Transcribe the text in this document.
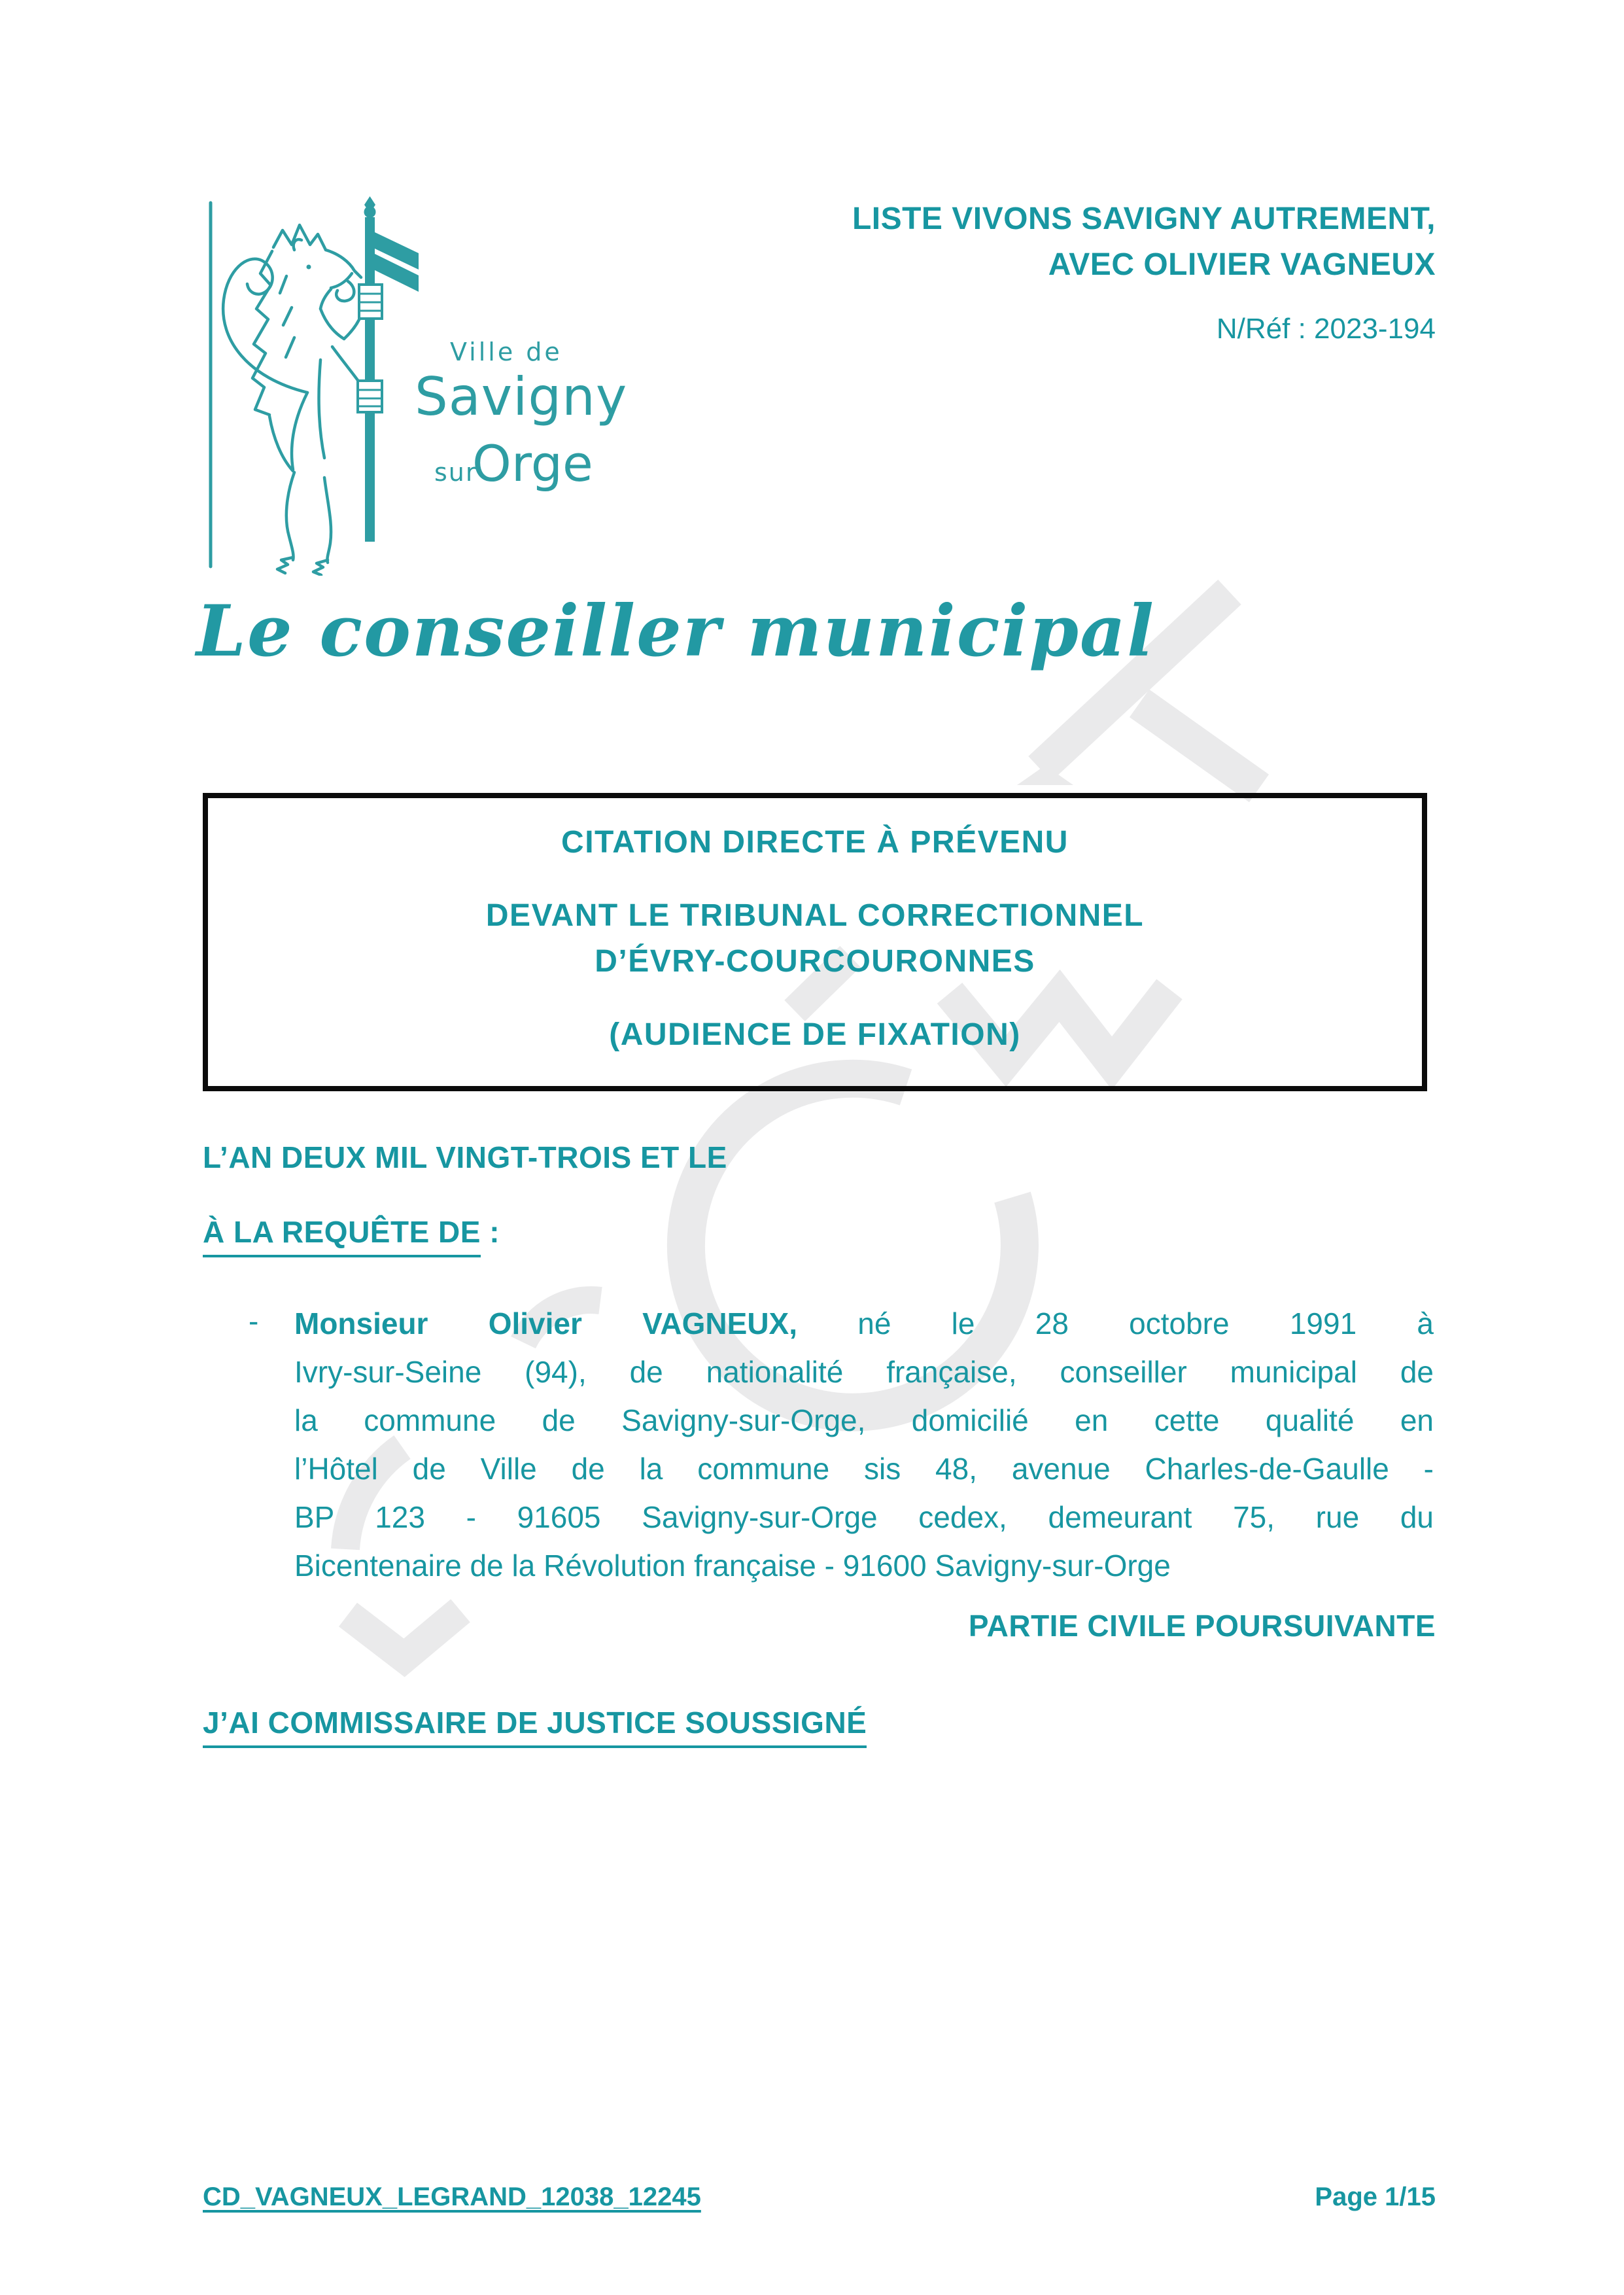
Ville de
Savigny
sur
Orge
LISTE VIVONS SAVIGNY AUTREMENT,
AVEC OLIVIER VAGNEUX
N/Réf : 2023-194
Le conseiller municipal
CITATION DIRECTE À PRÉVENU
DEVANT LE TRIBUNAL CORRECTIONNEL
D’ÉVRY-COURCOURONNES
(AUDIENCE DE FIXATION)
L’AN DEUX MIL VINGT-TROIS ET LE
À LA REQUÊTE DE :
- Monsieur Olivier VAGNEUX, né le 28 octobre 1991 à
Ivry-sur-Seine (94), de nationalité française, conseiller municipal de
la commune de Savigny-sur-Orge, domicilié en cette qualité en
l’Hôtel de Ville de la commune sis 48, avenue Charles-de-Gaulle -
BP 123 - 91605 Savigny-sur-Orge cedex, demeurant 75, rue du
Bicentenaire de la Révolution française - 91600 Savigny-sur-Orge
PARTIE CIVILE POURSUIVANTE
J’AI COMMISSAIRE DE JUSTICE SOUSSIGNÉ
CD_VAGNEUX_LEGRAND_12038_12245	Page 1/15
